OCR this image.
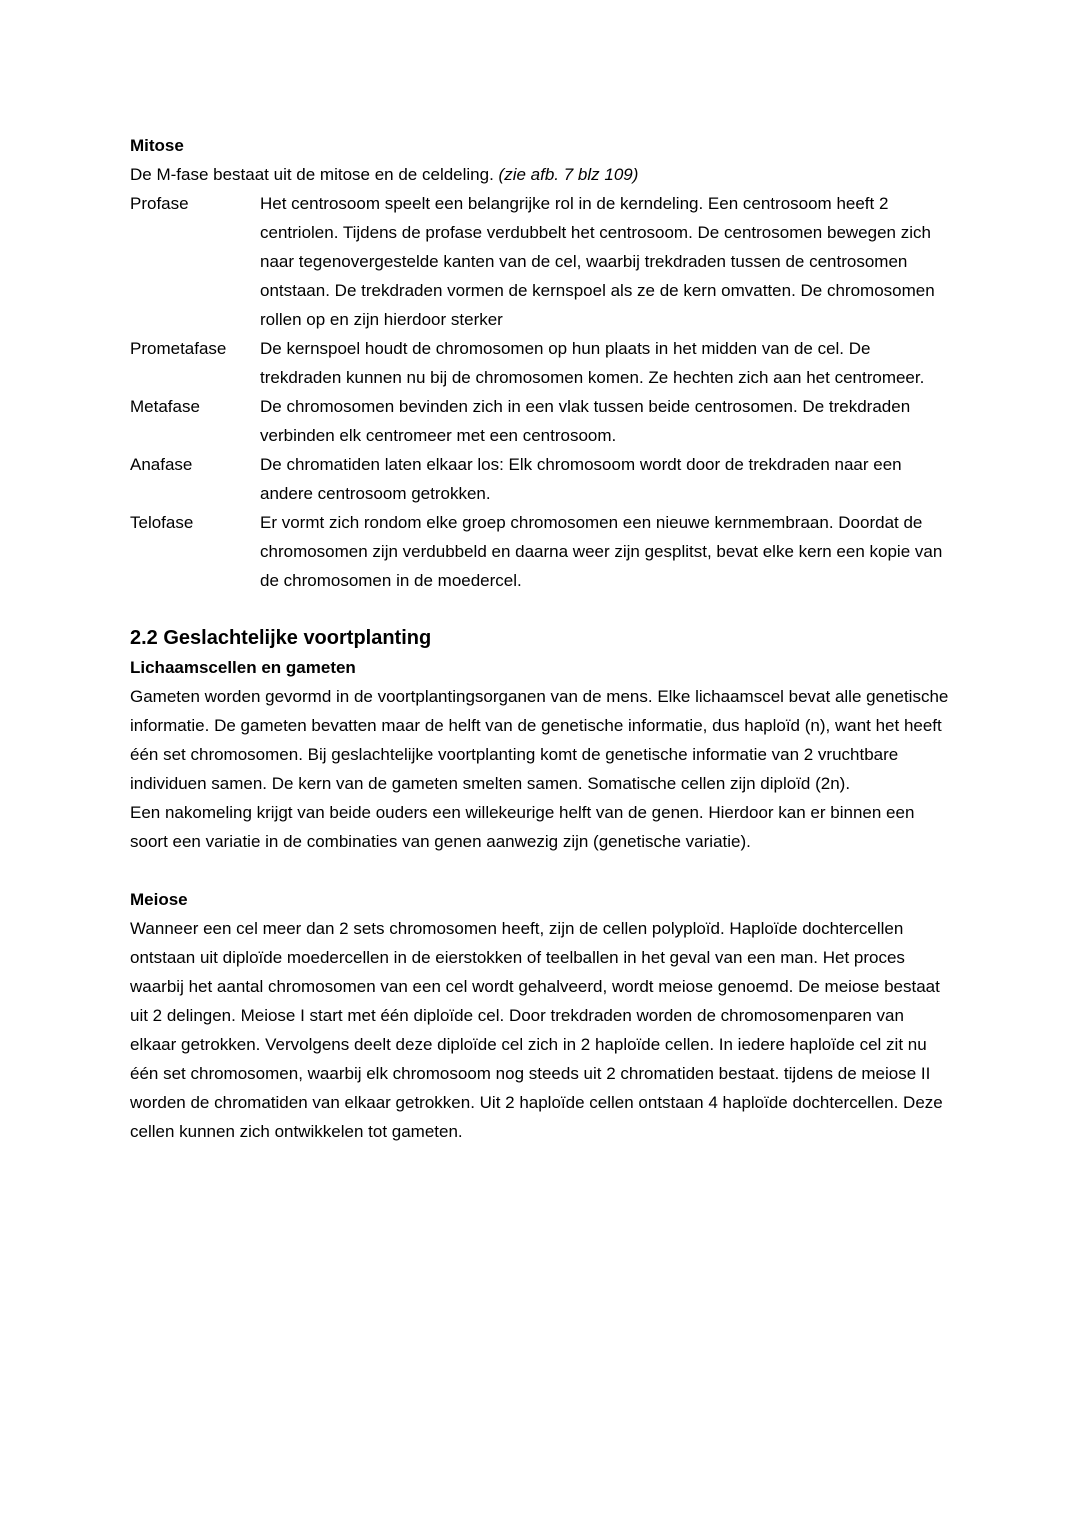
Mitose

De M-fase bestaat uit de mitose en de celdeling. (zie afb. 7 blz 109)

Profase	Het centrosoom speelt een belangrijke rol in de kerndeling. Een centrosoom heeft 2 centriolen. Tijdens de profase verdubbelt het centrosoom. De centrosomen bewegen zich naar tegenovergestelde kanten van de cel, waarbij trekdraden tussen de centrosomen ontstaan. De trekdraden vormen de kernspoel als ze de kern omvatten. De chromosomen rollen op en zijn hierdoor sterker
Prometafase	De kernspoel houdt de chromosomen op hun plaats in het midden van de cel. De trekdraden kunnen nu bij de chromosomen komen. Ze hechten zich aan het centromeer.
Metafase	De chromosomen bevinden zich in een vlak tussen beide centrosomen. De trekdraden verbinden elk centromeer met een centrosoom.
Anafase	De chromatiden laten elkaar los: Elk chromosoom wordt door de trekdraden naar een andere centrosoom getrokken.
Telofase	Er vormt zich rondom elke groep chromosomen een nieuwe kernmembraan. Doordat de chromosomen zijn verdubbeld en daarna weer zijn gesplitst, bevat elke kern een kopie van de chromosomen in de moedercel.
2.2 Geslachtelijke voortplanting
Lichaamscellen en gameten

Gameten worden gevormd in de voortplantingsorganen van de mens. Elke lichaamscel bevat alle genetische informatie. De gameten bevatten maar de helft van de genetische informatie, dus haploïd (n), want het heeft één set chromosomen. Bij geslachtelijke voortplanting komt de genetische informatie van 2 vruchtbare individuen samen. De kern van de gameten smelten samen. Somatische cellen zijn diploïd (2n).

Een nakomeling krijgt van beide ouders een willekeurige helft van de genen. Hierdoor kan er binnen een soort een variatie in de combinaties van genen aanwezig zijn (genetische variatie).

Meiose

Wanneer een cel meer dan 2 sets chromosomen heeft, zijn de cellen polyploïd. Haploïde dochtercellen ontstaan uit diploïde moedercellen in de eierstokken of teelballen in het geval van een man. Het proces waarbij het aantal chromosomen van een cel wordt gehalveerd, wordt meiose genoemd. De meiose bestaat uit 2 delingen. Meiose I start met één diploïde cel. Door trekdraden worden de chromosomenparen van elkaar getrokken. Vervolgens deelt deze diploïde cel zich in 2 haploïde cellen. In iedere haploïde cel zit nu één set chromosomen, waarbij elk chromosoom nog steeds uit 2 chromatiden bestaat. tijdens de meiose II worden de chromatiden van elkaar getrokken. Uit 2 haploïde cellen ontstaan 4 haploïde dochtercellen. Deze cellen kunnen zich ontwikkelen tot gameten.
